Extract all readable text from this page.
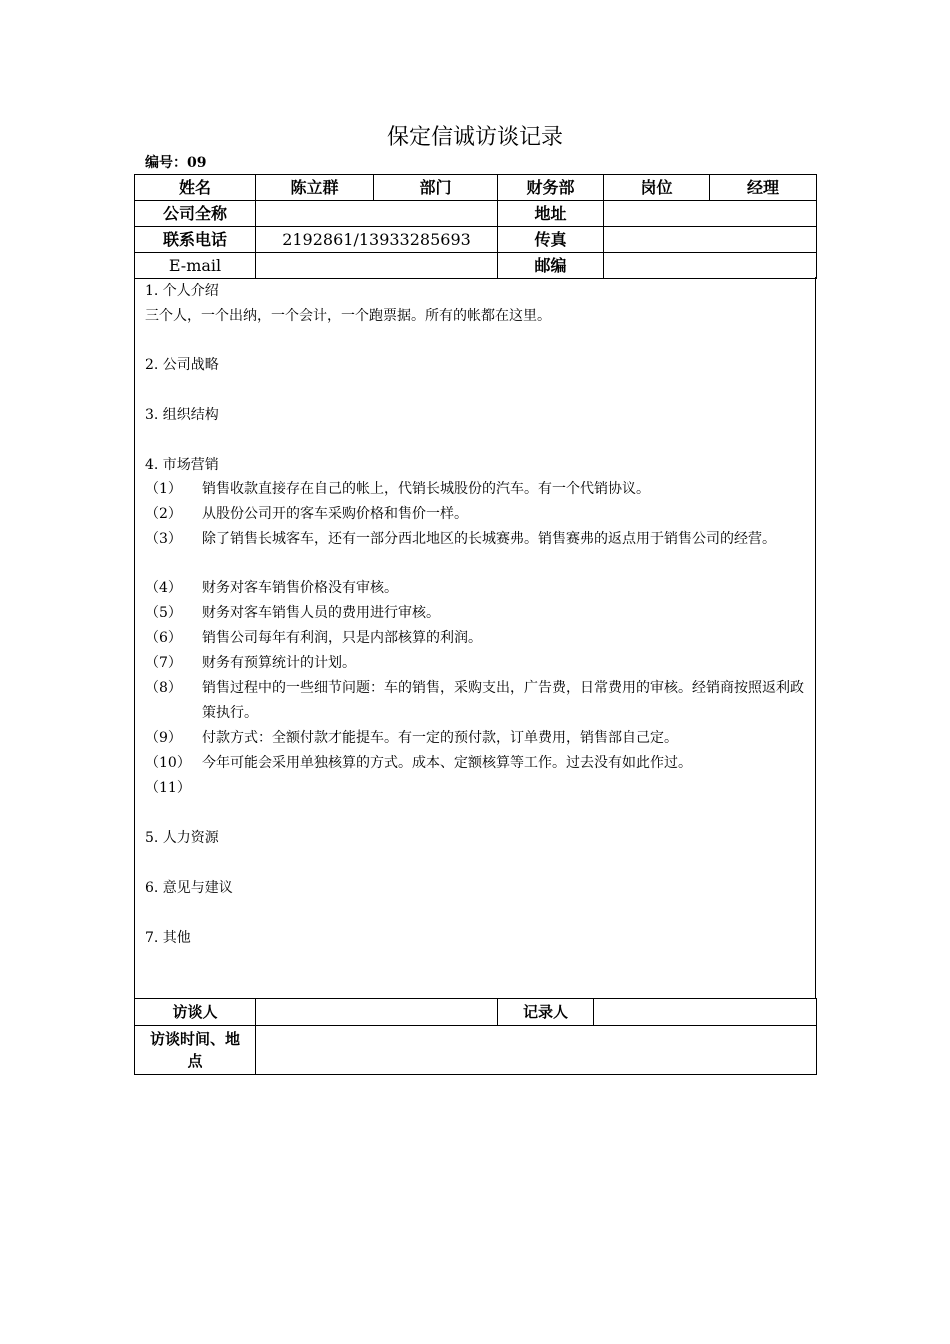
保定信诚访谈记录
编号：09
姓名	陈立群	部门	财务部	岗位	经理
公司全称			地址		
联系电话	2192861/13933285693		传真		
E-mail			邮编		
1. 个人介绍
三个人，一个出纳，一个会计，一个跑票据。所有的帐都在这里。
2. 公司战略
3. 组织结构
4. 市场营销
（1） 销售收款直接存在自己的帐上，代销长城股份的汽车。有一个代销协议。
（2） 从股份公司开的客车采购价格和售价一样。
（3） 除了销售长城客车，还有一部分西北地区的长城赛弗。销售赛弗的返点用于销售公司的经营。
（4） 财务对客车销售价格没有审核。
（5） 财务对客车销售人员的费用进行审核。
（6） 销售公司每年有利润，只是内部核算的利润。
（7） 财务有预算统计的计划。
（8） 销售过程中的一些细节问题：车的销售，采购支出，广告费，日常费用的审核。经销商按照返利政策执行。
（9） 付款方式：全额付款才能提车。有一定的预付款，订单费用，销售部自己定。
（10） 今年可能会采用单独核算的方式。成本、定额核算等工作。过去没有如此作过。
（11）
5. 人力资源
6. 意见与建议
7. 其他
访谈人		记录人	
访谈时间、地点			
